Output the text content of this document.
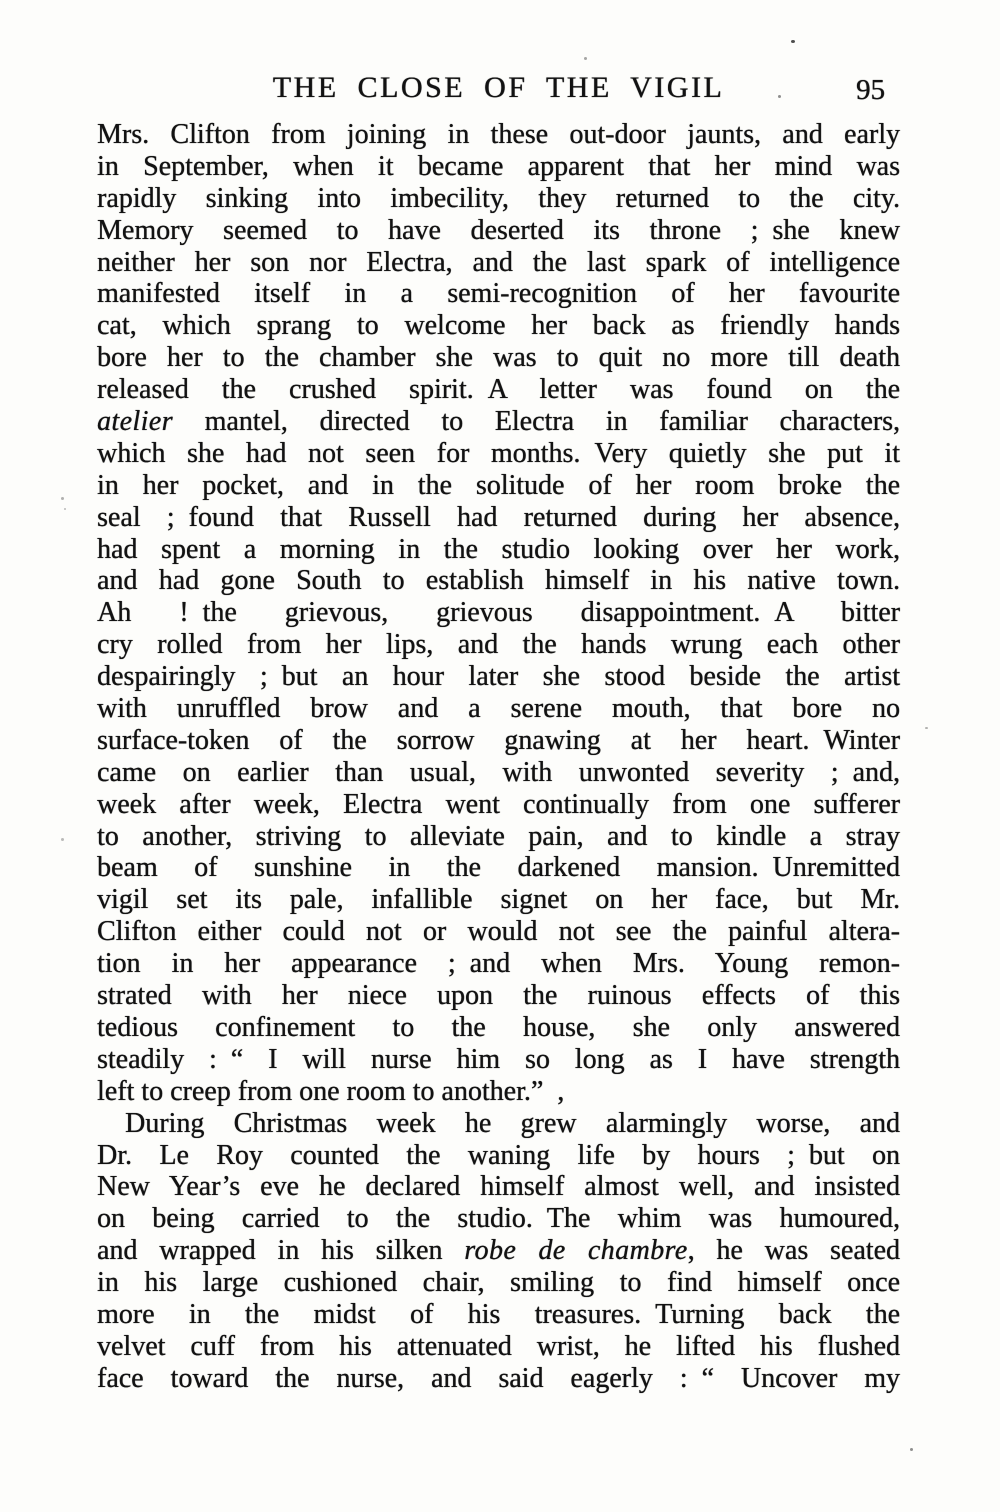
THE CLOSE OF THE VIGIL	95
Mrs. Clifton from joining in these out-door jaunts, and early
in September, when it became apparent that her mind was
rapidly sinking into imbecility, they returned to the city.
Memory seemed to have deserted its throne ; she knew
neither her son nor Electra, and the last spark of intelligence
manifested itself in a semi-recognition of her favourite
cat, which sprang to welcome her back as friendly hands
bore her to the chamber she was to quit no more till death
released the crushed spirit. A letter was found on the
atelier mantel, directed to Electra in familiar characters,
which she had not seen for months. Very quietly she put it
in her pocket, and in the solitude of her room broke the
seal ; found that Russell had returned during her absence,
had spent a morning in the studio looking over her work,
and had gone South to establish himself in his native town.
Ah ! the grievous, grievous disappointment. A bitter
cry rolled from her lips, and the hands wrung each other
despairingly ; but an hour later she stood beside the artist
with unruffled brow and a serene mouth, that bore no
surface-token of the sorrow gnawing at her heart. Winter
came on earlier than usual, with unwonted severity ; and,
week after week, Electra went continually from one sufferer
to another, striving to alleviate pain, and to kindle a stray
beam of sunshine in the darkened mansion. Unremitted
vigil set its pale, infallible signet on her face, but Mr.
Clifton either could not or would not see the painful altera-
tion in her appearance ; and when Mrs. Young remon-
strated with her niece upon the ruinous effects of this
tedious confinement to the house, she only answered
steadily : “ I will nurse him so long as I have strength
left to creep from one room to another.” ,
During Christmas week he grew alarmingly worse, and
Dr. Le Roy counted the waning life by hours ; but on
New Year’s eve he declared himself almost well, and insisted
on being carried to the studio. The whim was humoured,
and wrapped in his silken robe de chambre, he was seated
in his large cushioned chair, smiling to find himself once
more in the midst of his treasures. Turning back the
velvet cuff from his attenuated wrist, he lifted his flushed
face toward the nurse, and said eagerly : “ Uncover my
